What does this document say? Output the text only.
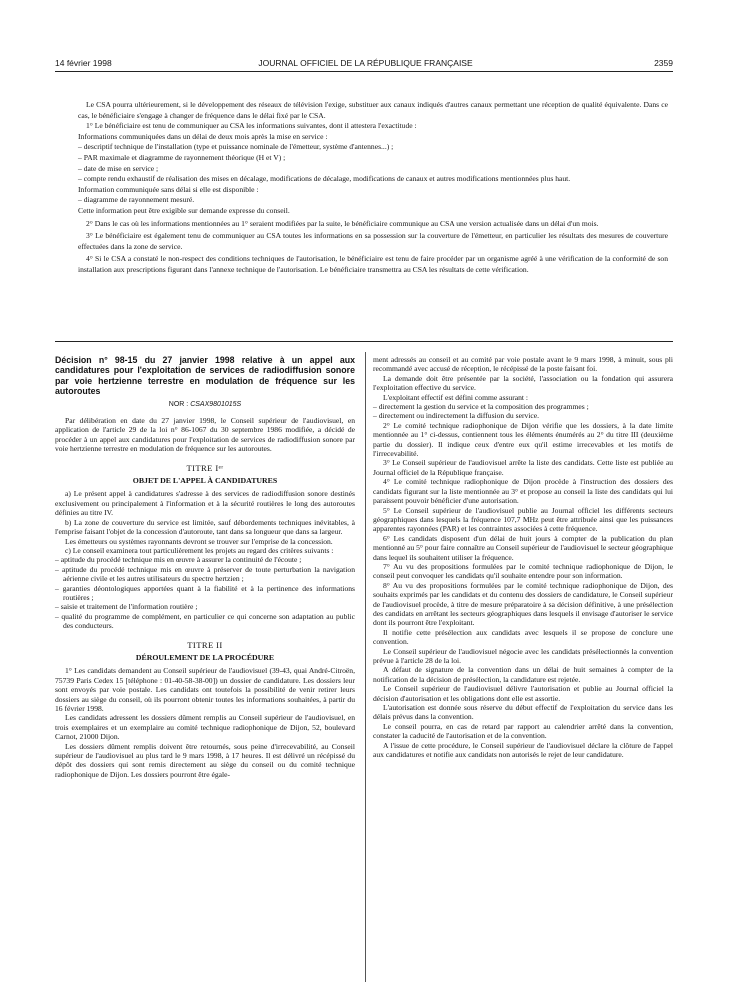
14 février 1998	JOURNAL OFFICIEL DE LA RÉPUBLIQUE FRANÇAISE	2359

Le CSA pourra ultérieurement, si le développement des réseaux de télévision l'exige, substituer aux canaux indiqués d'autres canaux permettant une réception de qualité équivalente. Dans ce cas, le bénéficiaire s'engage à changer de fréquence dans le délai fixé par le CSA.

1° Le bénéficiaire est tenu de communiquer au CSA les informations suivantes, dont il attestera l'exactitude :

Informations communiquées dans un délai de deux mois après la mise en service :

– descriptif technique de l'installation (type et puissance nominale de l'émetteur, système d'antennes...) ;

– PAR maximale et diagramme de rayonnement théorique (H et V) ;

– date de mise en service ;

– compte rendu exhaustif de réalisation des mises en décalage, modifications de décalage, modifications de canaux et autres modifications mentionnées plus haut.

Information communiquée sans délai si elle est disponible :

– diagramme de rayonnement mesuré.

Cette information peut être exigible sur demande expresse du conseil.

2° Dans le cas où les informations mentionnées au 1° seraient modifiées par la suite, le bénéficiaire communique au CSA une version actualisée dans un délai d'un mois.

3° Le bénéficiaire est également tenu de communiquer au CSA toutes les informations en sa possession sur la couverture de l'émetteur, en particulier les résultats des mesures de couverture effectuées dans la zone de service.

4° Si le CSA a constaté le non-respect des conditions techniques de l'autorisation, le bénéficiaire est tenu de faire procéder par un organisme agréé à une vérification de la conformité de son installation aux prescriptions figurant dans l'annexe technique de l'autorisation. Le bénéficiaire transmettra au CSA les résultats de cette vérification.

Décision n° 98-15 du 27 janvier 1998 relative à un appel aux candidatures pour l'exploitation de services de radiodiffusion sonore par voie hertzienne terrestre en modulation de fréquence sur les autoroutes

NOR : CSAX9801015S

Par délibération en date du 27 janvier 1998, le Conseil supérieur de l'audiovisuel, en application de l'article 29 de la loi n° 86-1067 du 30 septembre 1986 modifiée, a décidé de procéder à un appel aux candidatures pour l'exploitation de services de radiodiffusion sonore par voie hertzienne terrestre en modulation de fréquence sur les autoroutes.

TITRE Iᵉʳ
OBJET DE L'APPEL À CANDIDATURES

a) Le présent appel à candidatures s'adresse à des services de radiodiffusion sonore destinés exclusivement ou principalement à l'information et à la sécurité routières le long des autoroutes définies au titre IV.

b) La zone de couverture du service est limitée, sauf débordements techniques inévitables, à l'emprise faisant l'objet de la concession d'autoroute, tant dans sa longueur que dans sa largeur.

Les émetteurs ou systèmes rayonnants devront se trouver sur l'emprise de la concession.

c) Le conseil examinera tout particulièrement les projets au regard des critères suivants :

– aptitude du procédé technique mis en œuvre à assurer la continuité de l'écoute ;

– aptitude du procédé technique mis en œuvre à préserver de toute perturbation la navigation aérienne civile et les autres utilisateurs du spectre hertzien ;

– garanties déontologiques apportées quant à la fiabilité et à la pertinence des informations routières ;

– saisie et traitement de l'information routière ;

– qualité du programme de complément, en particulier ce qui concerne son adaptation au public des conducteurs.

TITRE II
DÉROULEMENT DE LA PROCÉDURE

1° Les candidats demandent au Conseil supérieur de l'audiovisuel (39-43, quai André-Citroën, 75739 Paris Cedex 15 [téléphone : 01-40-58-38-00]) un dossier de candidature. Les dossiers leur sont envoyés par voie postale. Les candidats ont toutefois la possibilité de venir retirer leurs dossiers au siège du conseil, où ils pourront obtenir toutes les informations souhaitées, à partir du 16 février 1998.

Les candidats adressent les dossiers dûment remplis au Conseil supérieur de l'audiovisuel, en trois exemplaires et un exemplaire au comité technique radiophonique de Dijon, 52, boulevard Carnot, 21000 Dijon.

Les dossiers dûment remplis doivent être retournés, sous peine d'irrecevabilité, au Conseil supérieur de l'audiovisuel au plus tard le 9 mars 1998, à 17 heures. Il est délivré un récépissé du dépôt des dossiers qui sont remis directement au siège du conseil ou du comité technique radiophonique de Dijon. Les dossiers pourront être égale-

ment adressés au conseil et au comité par voie postale avant le 9 mars 1998, à minuit, sous pli recommandé avec accusé de réception, le récépissé de la poste faisant foi.

La demande doit être présentée par la société, l'association ou la fondation qui assurera l'exploitation effective du service.

L'exploitant effectif est défini comme assurant :

– directement la gestion du service et la composition des programmes ;

– directement ou indirectement la diffusion du service.

2° Le comité technique radiophonique de Dijon vérifie que les dossiers, à la date limite mentionnée au 1° ci-dessus, contiennent tous les éléments énumérés au 2° du titre III (deuxième partie du dossier). Il indique ceux d'entre eux qu'il estime irrecevables et les motifs de l'irrecevabilité.

3° Le Conseil supérieur de l'audiovisuel arrête la liste des candidats. Cette liste est publiée au Journal officiel de la République française.

4° Le comité technique radiophonique de Dijon procède à l'instruction des dossiers des candidats figurant sur la liste mentionnée au 3° et propose au conseil la liste des candidats qui lui paraissent pouvoir bénéficier d'une autorisation.

5° Le Conseil supérieur de l'audiovisuel publie au Journal officiel les différents secteurs géographiques dans lesquels la fréquence 107,7 MHz peut être attribuée ainsi que les puissances apparentes rayonnées (PAR) et les contraintes associées à cette fréquence.

6° Les candidats disposent d'un délai de huit jours à compter de la publication du plan mentionné au 5° pour faire connaître au Conseil supérieur de l'audiovisuel le secteur géographique dans lequel ils souhaitent utiliser la fréquence.

7° Au vu des propositions formulées par le comité technique radiophonique de Dijon, le conseil peut convoquer les candidats qu'il souhaite entendre pour son information.

8° Au vu des propositions formulées par le comité technique radiophonique de Dijon, des souhaits exprimés par les candidats et du contenu des dossiers de candidature, le Conseil supérieur de l'audiovisuel procède, à titre de mesure préparatoire à sa décision définitive, à une présélection des candidats en arrêtant les secteurs géographiques dans lesquels il envisage d'autoriser le service dont ils pourront être l'exploitant.

Il notifie cette présélection aux candidats avec lesquels il se propose de conclure une convention.

Le Conseil supérieur de l'audiovisuel négocie avec les candidats présélectionnés la convention prévue à l'article 28 de la loi.

A défaut de signature de la convention dans un délai de huit semaines à compter de la notification de la décision de présélection, la candidature est rejetée.

Le Conseil supérieur de l'audiovisuel délivre l'autorisation et publie au Journal officiel la décision d'autorisation et les obligations dont elle est assortie.

L'autorisation est donnée sous réserve du début effectif de l'exploitation du service dans les délais prévus dans la convention.

Le conseil pourra, en cas de retard par rapport au calendrier arrêté dans la convention, constater la caducité de l'autorisation et de la convention.

A l'issue de cette procédure, le Conseil supérieur de l'audiovisuel déclare la clôture de l'appel aux candidatures et notifie aux candidats non autorisés le rejet de leur candidature.
